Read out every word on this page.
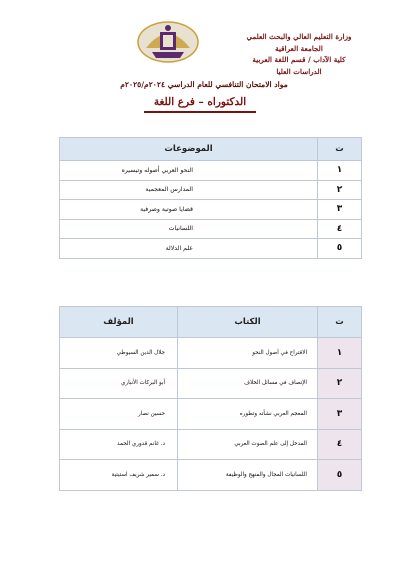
وزارة التعليم العالي والبحث العلمي
الجامعة العراقية
كلية الآداب / قسم اللغة العربية
الدراسات العليا
مواد الامتحان التنافسي للعام الدراسي ٢٠٢٤م/٢٠٢٥م
الدكتوراه – فرع اللغة
ت	الموضوعات
١	النحو العربي أصوله وتيسيره
٢	المدارس المعجمية
٣	قضايا صوتية وصرفية
٤	اللسانيات
٥	علم الدلالة
ت	الكتاب	المؤلف
١	الاقتراح في أصول النحو	جلال الدين السيوطي
٢	الإنصاف في مسائل الخلاف	أبو البركات الأنباري
٣	المعجم العربي نشأته وتطوره	حسين نصار
٤	المدخل إلى علم الصوت العربي	د. غانم قدوري الحمد
٥	اللسانيات المجال والمنهج والوظيفة	د. سمير شريف استيتية
